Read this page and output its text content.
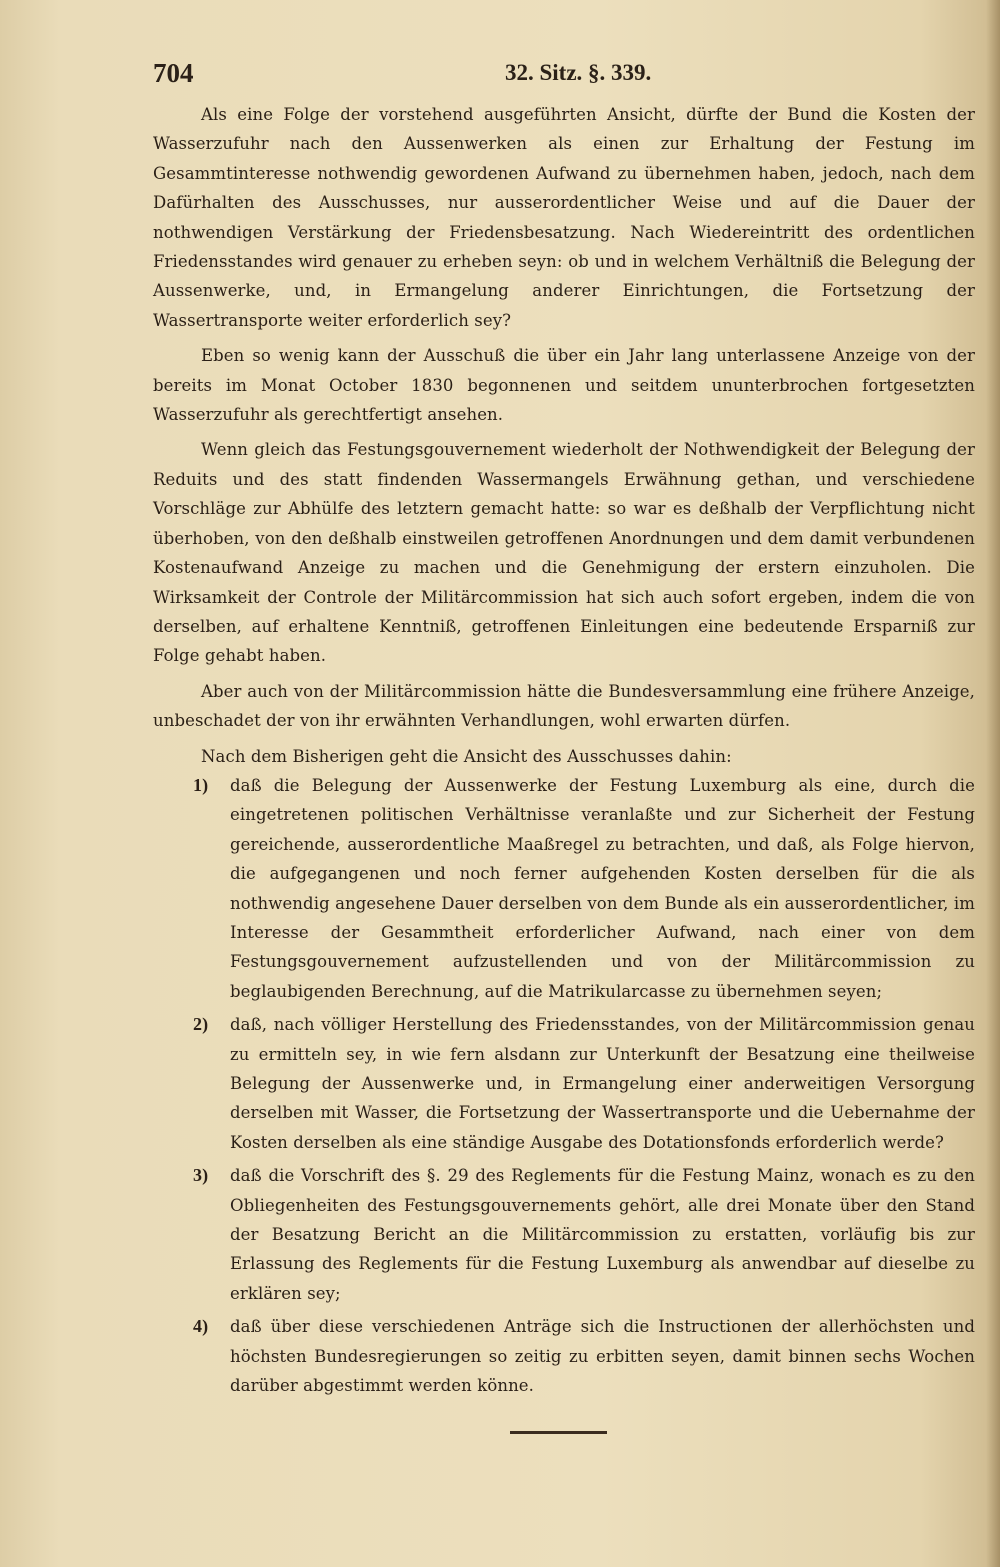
704	32. Sitz. §. 339.

Als eine Folge der vorstehend ausgeführten Ansicht, dürfte der Bund die Kosten der Wasserzufuhr nach den Aussenwerken als einen zur Erhaltung der Festung im Gesammtinteresse nothwendig gewordenen Aufwand zu übernehmen haben, jedoch, nach dem Dafürhalten des Ausschusses, nur ausserordentlicher Weise und auf die Dauer der nothwendigen Verstärkung der Friedensbesatzung. Nach Wiedereintritt des ordentlichen Friedensstandes wird genauer zu erheben seyn: ob und in welchem Verhältniß die Belegung der Aussenwerke, und, in Ermangelung anderer Einrichtungen, die Fortsetzung der Wassertransporte weiter erforderlich sey?

Eben so wenig kann der Ausschuß die über ein Jahr lang unterlassene Anzeige von der bereits im Monat October 1830 begonnenen und seitdem ununterbrochen fortgesetzten Wasserzufuhr als gerechtfertigt ansehen.

Wenn gleich das Festungsgouvernement wiederholt der Nothwendigkeit der Belegung der Reduits und des statt findenden Wassermangels Erwähnung gethan, und verschiedene Vorschläge zur Abhülfe des letztern gemacht hatte: so war es deßhalb der Verpflichtung nicht überhoben, von den deßhalb einstweilen getroffenen Anordnungen und dem damit verbundenen Kostenaufwand Anzeige zu machen und die Genehmigung der erstern einzuholen. Die Wirksamkeit der Controle der Militärcommission hat sich auch sofort ergeben, indem die von derselben, auf erhaltene Kenntniß, getroffenen Einleitungen eine bedeutende Ersparniß zur Folge gehabt haben.

Aber auch von der Militärcommission hätte die Bundesversammlung eine frühere Anzeige, unbeschadet der von ihr erwähnten Verhandlungen, wohl erwarten dürfen.

Nach dem Bisherigen geht die Ansicht des Ausschusses dahin:

1) daß die Belegung der Aussenwerke der Festung Luxemburg als eine, durch die eingetretenen politischen Verhältnisse veranlaßte und zur Sicherheit der Festung gereichende, ausserordentliche Maaßregel zu betrachten, und daß, als Folge hiervon, die aufgegangenen und noch ferner aufgehenden Kosten derselben für die als nothwendig angesehene Dauer derselben von dem Bunde als ein ausserordentlicher, im Interesse der Gesammtheit erforderlicher Aufwand, nach einer von dem Festungsgouvernement aufzustellenden und von der Militärcommission zu beglaubigenden Berechnung, auf die Matrikularcasse zu übernehmen seyen;
2) daß, nach völliger Herstellung des Friedensstandes, von der Militärcommission genau zu ermitteln sey, in wie fern alsdann zur Unterkunft der Besatzung eine theilweise Belegung der Aussenwerke und, in Ermangelung einer anderweitigen Versorgung derselben mit Wasser, die Fortsetzung der Wassertransporte und die Uebernahme der Kosten derselben als eine ständige Ausgabe des Dotationsfonds erforderlich werde?
3) daß die Vorschrift des §. 29 des Reglements für die Festung Mainz, wonach es zu den Obliegenheiten des Festungsgouvernements gehört, alle drei Monate über den Stand der Besatzung Bericht an die Militärcommission zu erstatten, vorläufig bis zur Erlassung des Reglements für die Festung Luxemburg als anwendbar auf dieselbe zu erklären sey;
4) daß über diese verschiedenen Anträge sich die Instructionen der allerhöchsten und höchsten Bundesregierungen so zeitig zu erbitten seyen, damit binnen sechs Wochen darüber abgestimmt werden könne.
